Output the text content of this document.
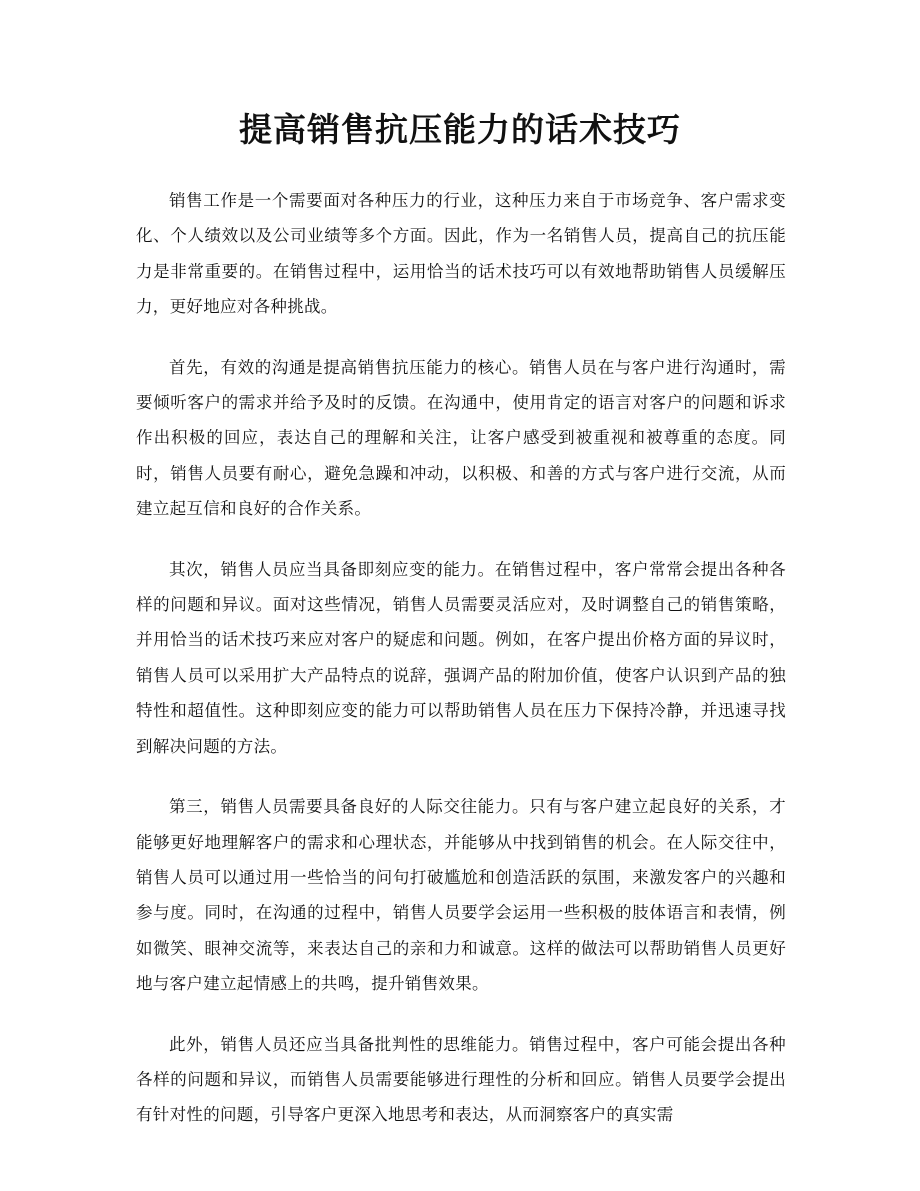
提高销售抗压能力的话术技巧

销售工作是一个需要面对各种压力的行业，这种压力来自于市场竞争、客户需求变化、个人绩效以及公司业绩等多个方面。因此，作为一名销售人员，提高自己的抗压能力是非常重要的。在销售过程中，运用恰当的话术技巧可以有效地帮助销售人员缓解压力，更好地应对各种挑战。

首先，有效的沟通是提高销售抗压能力的核心。销售人员在与客户进行沟通时，需要倾听客户的需求并给予及时的反馈。在沟通中，使用肯定的语言对客户的问题和诉求作出积极的回应，表达自己的理解和关注，让客户感受到被重视和被尊重的态度。同时，销售人员要有耐心，避免急躁和冲动，以积极、和善的方式与客户进行交流，从而建立起互信和良好的合作关系。

其次，销售人员应当具备即刻应变的能力。在销售过程中，客户常常会提出各种各样的问题和异议。面对这些情况，销售人员需要灵活应对，及时调整自己的销售策略，并用恰当的话术技巧来应对客户的疑虑和问题。例如，在客户提出价格方面的异议时，销售人员可以采用扩大产品特点的说辞，强调产品的附加价值，使客户认识到产品的独特性和超值性。这种即刻应变的能力可以帮助销售人员在压力下保持冷静，并迅速寻找到解决问题的方法。

第三，销售人员需要具备良好的人际交往能力。只有与客户建立起良好的关系，才能够更好地理解客户的需求和心理状态，并能够从中找到销售的机会。在人际交往中，销售人员可以通过用一些恰当的问句打破尴尬和创造活跃的氛围，来激发客户的兴趣和参与度。同时，在沟通的过程中，销售人员要学会运用一些积极的肢体语言和表情，例如微笑、眼神交流等，来表达自己的亲和力和诚意。这样的做法可以帮助销售人员更好地与客户建立起情感上的共鸣，提升销售效果。

此外，销售人员还应当具备批判性的思维能力。销售过程中，客户可能会提出各种各样的问题和异议，而销售人员需要能够进行理性的分析和回应。销售人员要学会提出有针对性的问题，引导客户更深入地思考和表达，从而洞察客户的真实需
